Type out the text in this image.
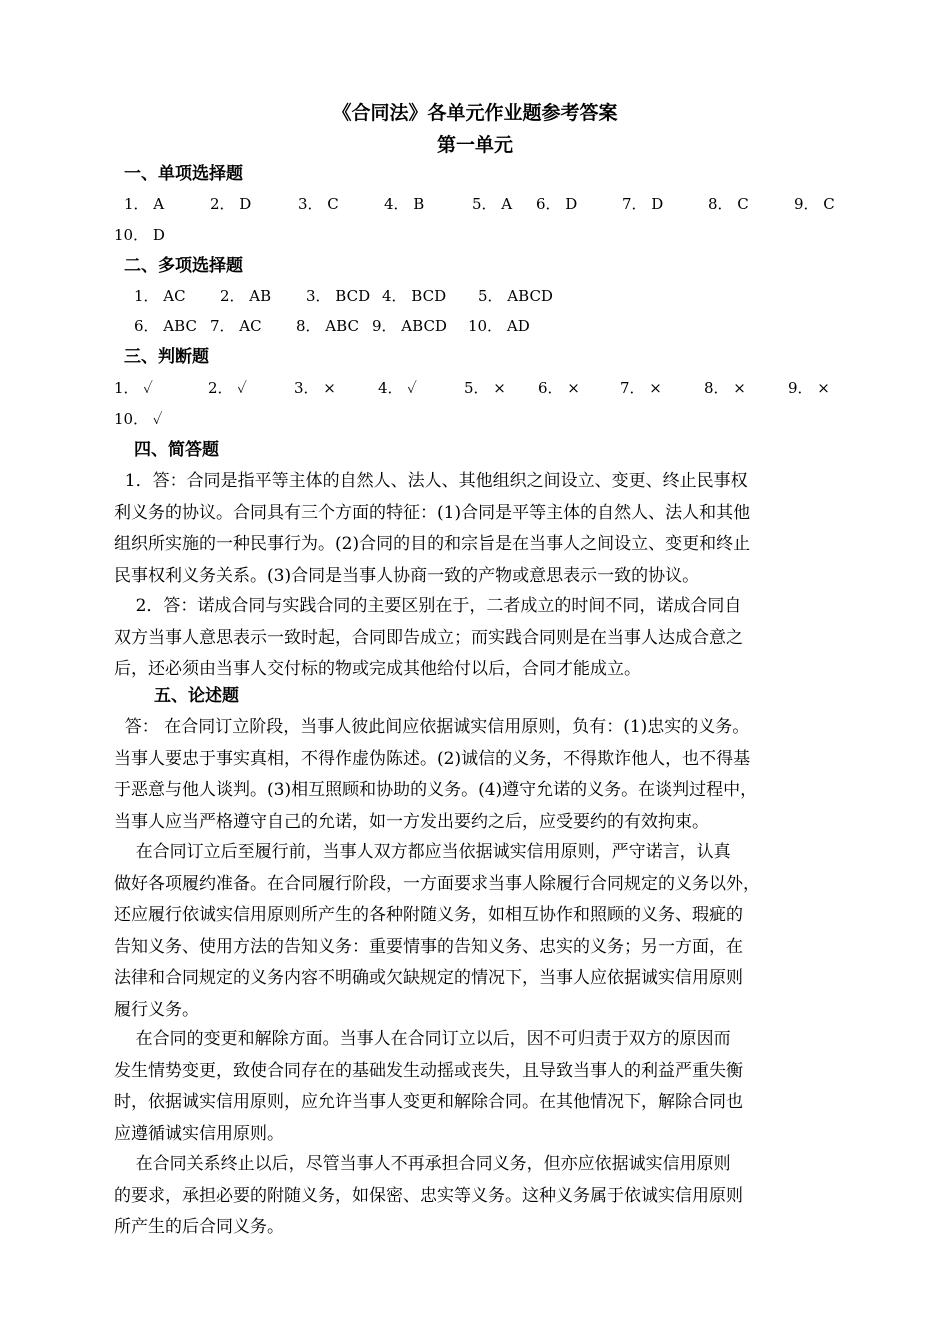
《合同法》各单元作业题参考答案
第一单元
一、单项选择题
1． A	2． D	3． C	4． B	5． A 6． D	7． D	8． C	9． C
10． D
二、多项选择题
1． AC 2． AB 3． BCD 4． BCD 5． ABCD
6． ABC 7． AC 8． ABC 9． ABCD 10． AD
三、判断题
1． ✓	2． ✓	3． ×	4． ✓	5． × 6． ×	7． ×	8． ×	9． ×
10． ✓
四、简答题

1．答：合同是指平等主体的自然人、法人、其他组织之间设立、变更、终止民事权

利义务的协议。合同具有三个方面的特征：(1)合同是平等主体的自然人、法人和其他

组织所实施的一种民事行为。(2)合同的目的和宗旨是在当事人之间设立、变更和终止

民事权利义务关系。(3)合同是当事人协商一致的产物或意思表示一致的协议。

2．答：诺成合同与实践合同的主要区别在于，二者成立的时间不同，诺成合同自

双方当事人意思表示一致时起，合同即告成立；而实践合同则是在当事人达成合意之

后，还必须由当事人交付标的物或完成其他给付以后，合同才能成立。

五、论述题

答： 在合同订立阶段，当事人彼此间应依据诚实信用原则，负有：(1)忠实的义务。

当事人要忠于事实真相，不得作虚伪陈述。(2)诚信的义务，不得欺诈他人，也不得基

于恶意与他人谈判。(3)相互照顾和协助的义务。(4)遵守允诺的义务。在谈判过程中，

当事人应当严格遵守自己的允诺，如一方发出要约之后，应受要约的有效拘束。

在合同订立后至履行前，当事人双方都应当依据诚实信用原则，严守诺言，认真

做好各项履约准备。在合同履行阶段，一方面要求当事人除履行合同规定的义务以外，

还应履行依诚实信用原则所产生的各种附随义务，如相互协作和照顾的义务、瑕疵的

告知义务、使用方法的告知义务：重要情事的告知义务、忠实的义务；另一方面，在

法律和合同规定的义务内容不明确或欠缺规定的情况下，当事人应依据诚实信用原则

履行义务。

在合同的变更和解除方面。当事人在合同订立以后，因不可归责于双方的原因而

发生情势变更，致使合同存在的基础发生动摇或丧失，且导致当事人的利益严重失衡

时，依据诚实信用原则，应允许当事人变更和解除合同。在其他情况下，解除合同也

应遵循诚实信用原则。

在合同关系终止以后，尽管当事人不再承担合同义务，但亦应依据诚实信用原则

的要求，承担必要的附随义务，如保密、忠实等义务。这种义务属于依诚实信用原则

所产生的后合同义务。
